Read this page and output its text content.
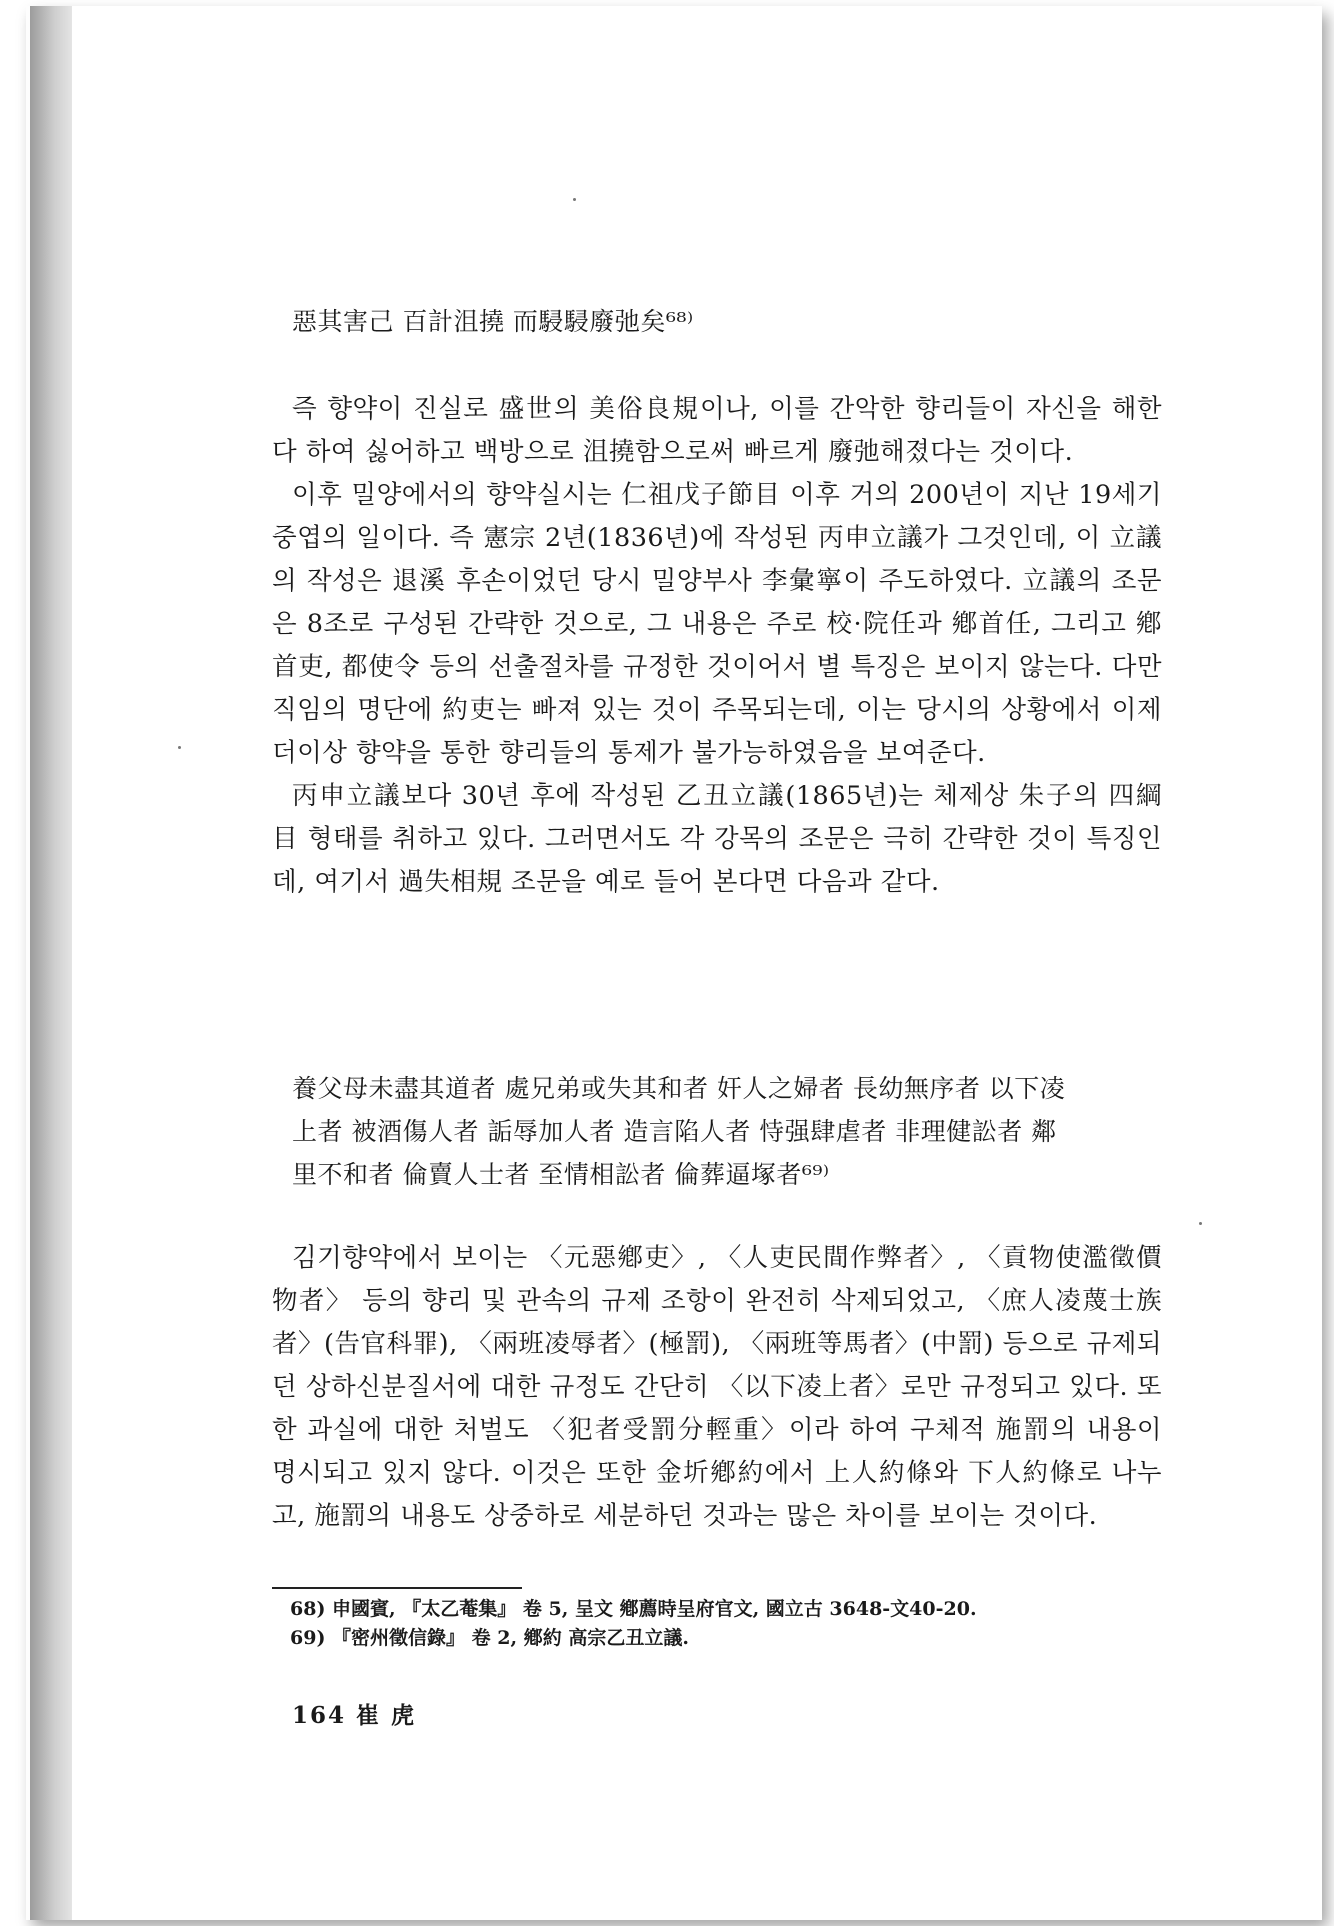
惡其害己 百計沮撓 而駸駸廢弛矣⁶⁸⁾

즉 향약이 진실로 盛世의 美俗良規이나, 이를 간악한 향리들이 자신을 해한다 하여 싫어하고 백방으로 沮撓함으로써 빠르게 廢弛해졌다는 것이다.

이후 밀양에서의 향약실시는 仁祖戊子節目 이후 거의 200년이 지난 19세기 중엽의 일이다. 즉 憲宗 2년(1836년)에 작성된 丙申立議가 그것인데, 이 立議의 작성은 退溪 후손이었던 당시 밀양부사 李彙寧이 주도하였다. 立議의 조문은 8조로 구성된 간략한 것으로, 그 내용은 주로 校·院任과 鄕首任, 그리고 鄕首吏, 都使令 등의 선출절차를 규정한 것이어서 별 특징은 보이지 않는다. 다만 직임의 명단에 約吏는 빠져 있는 것이 주목되는데, 이는 당시의 상황에서 이제 더이상 향약을 통한 향리들의 통제가 불가능하였음을 보여준다.

丙申立議보다 30년 후에 작성된 乙丑立議(1865년)는 체제상 朱子의 四綱目 형태를 취하고 있다. 그러면서도 각 강목의 조문은 극히 간략한 것이 특징인데, 여기서 過失相規 조문을 예로 들어 본다면 다음과 같다.

養父母未盡其道者 處兄弟或失其和者 奸人之婦者 長幼無序者 以下凌

上者 被酒傷人者 詬辱加人者 造言陷人者 恃强肆虐者 非理健訟者 鄰

里不和者 倫賣人士者 至情相訟者 倫葬逼塚者⁶⁹⁾

김기향약에서 보이는 〈元惡鄕吏〉, 〈人吏民間作弊者〉, 〈貢物使濫徵價物者〉 등의 향리 및 관속의 규제 조항이 완전히 삭제되었고, 〈庶人凌蔑士族者〉(告官科罪), 〈兩班凌辱者〉(極罰), 〈兩班等馬者〉(中罰) 등으로 규제되던 상하신분질서에 대한 규정도 간단히 〈以下凌上者〉로만 규정되고 있다. 또한 과실에 대한 처벌도 〈犯者受罰分輕重〉이라 하여 구체적 施罰의 내용이 명시되고 있지 않다. 이것은 또한 金圻鄕約에서 上人約條와 下人約條로 나누고, 施罰의 내용도 상중하로 세분하던 것과는 많은 차이를 보이는 것이다.

68) 申國賓, 『太乙菴集』 卷 5, 呈文 鄕薦時呈府官文, 國立古 3648-文40-20.
69) 『密州徵信錄』 卷 2, 鄕約 高宗乙丑立議.
164 崔 虎
